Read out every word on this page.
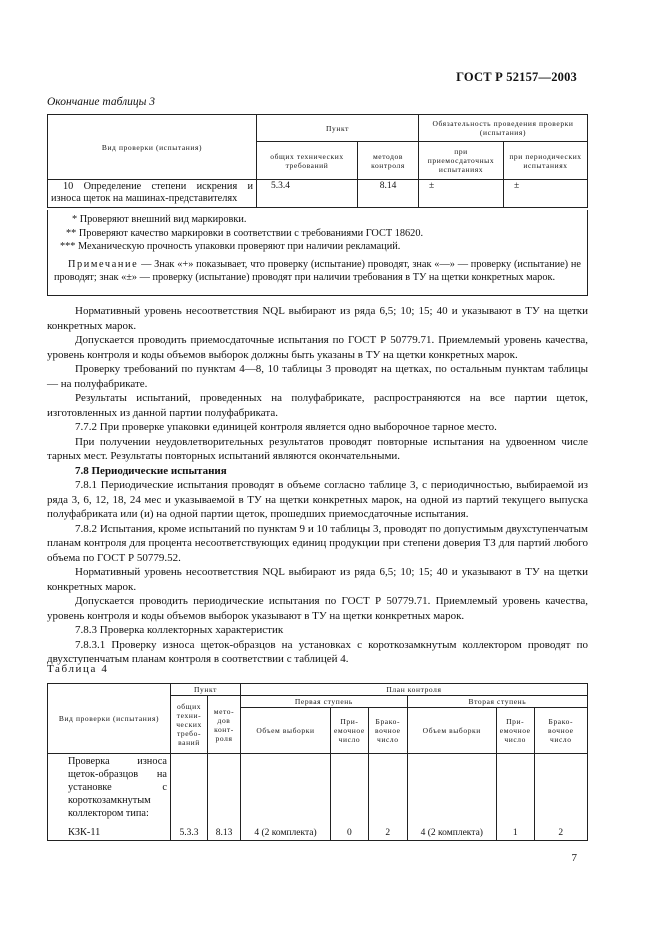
ГОСТ Р 52157—2003
Окончание таблицы 3
Вид проверки (испытания)	Пункт		Обязательность проведения проверки (испытания)	
	общих технических требований	методов контроля	при приемосдаточных испытаниях	при периодических испытаниях
10 Определение степени искрения и износа щеток на машинах-представителях	5.3.4	8.14	±	±

* Проверяют внешний вид маркировки.

** Проверяют качество маркировки в соответствии с требованиями ГОСТ 18620.

*** Механическую прочность упаковки проверяют при наличии рекламаций.

Примечание — Знак «+» показывает, что проверку (испытание) проводят, знак «—» — проверку (испытание) не проводят; знак «±» — проверку (испытание) проводят при наличии требования в ТУ на щетки конкретных марок.

Нормативный уровень несоответствия NQL выбирают из ряда 6,5; 10; 15; 40 и указывают в ТУ на щетки конкретных марок.

Допускается проводить приемосдаточные испытания по ГОСТ Р 50779.71. Приемлемый уровень качества, уровень контроля и коды объемов выборок должны быть указаны в ТУ на щетки конкретных марок.

Проверку требований по пунктам 4—8, 10 таблицы 3 проводят на щетках, по остальным пунктам таблицы — на полуфабрикате.

Результаты испытаний, проведенных на полуфабрикате, распространяются на все партии щеток, изготовленных из данной партии полуфабриката.

7.7.2 При проверке упаковки единицей контроля является одно выборочное тарное место.

При получении неудовлетворительных результатов проводят повторные испытания на удвоенном числе тарных мест. Результаты повторных испытаний являются окончательными.

7.8 Периодические испытания

7.8.1 Периодические испытания проводят в объеме согласно таблице 3, с периодичностью, выбираемой из ряда 3, 6, 12, 18, 24 мес и указываемой в ТУ на щетки конкретных марок, на одной из партий текущего выпуска полуфабриката или (и) на одной партии щеток, прошедших приемосдаточные испытания.

7.8.2 Испытания, кроме испытаний по пунктам 9 и 10 таблицы 3, проводят по допустимым двухступенчатым планам контроля для процента несоответствующих единиц продукции при степени доверия ТЗ для партий любого объема по ГОСТ Р 50779.52.

Нормативный уровень несоответствия NQL выбирают из ряда 6,5; 10; 15; 40 и указывают в ТУ на щетки конкретных марок.

Допускается проводить периодические испытания по ГОСТ Р 50779.71. Приемлемый уровень качества, уровень контроля и коды объемов выборок указывают в ТУ на щетки конкретных марок.

7.8.3 Проверка коллекторных характеристик

7.8.3.1 Проверку износа щеток-образцов на установках с короткозамкнутым коллектором проводят по двухступенчатым планам контроля в соответствии с таблицей 4.

Таблица 4
Вид проверки (испытания)	Пункт		План контроля					
	общих техни-ческих требо-ваний	мето-дов конт-роля	Первая ступень			Вторая ступень		
			Объем выборки	При-емочное число	Брако-вочное число	Объем выборки	При-емочное число	Брако-вочное число

Проверка износа щеток-образцов на установке с короткозамкнутым коллектором типа:
КЗК-11	5.3.3	8.13	4 (2 комплекта)	0	2	4 (2 комплекта)	1	2
7
